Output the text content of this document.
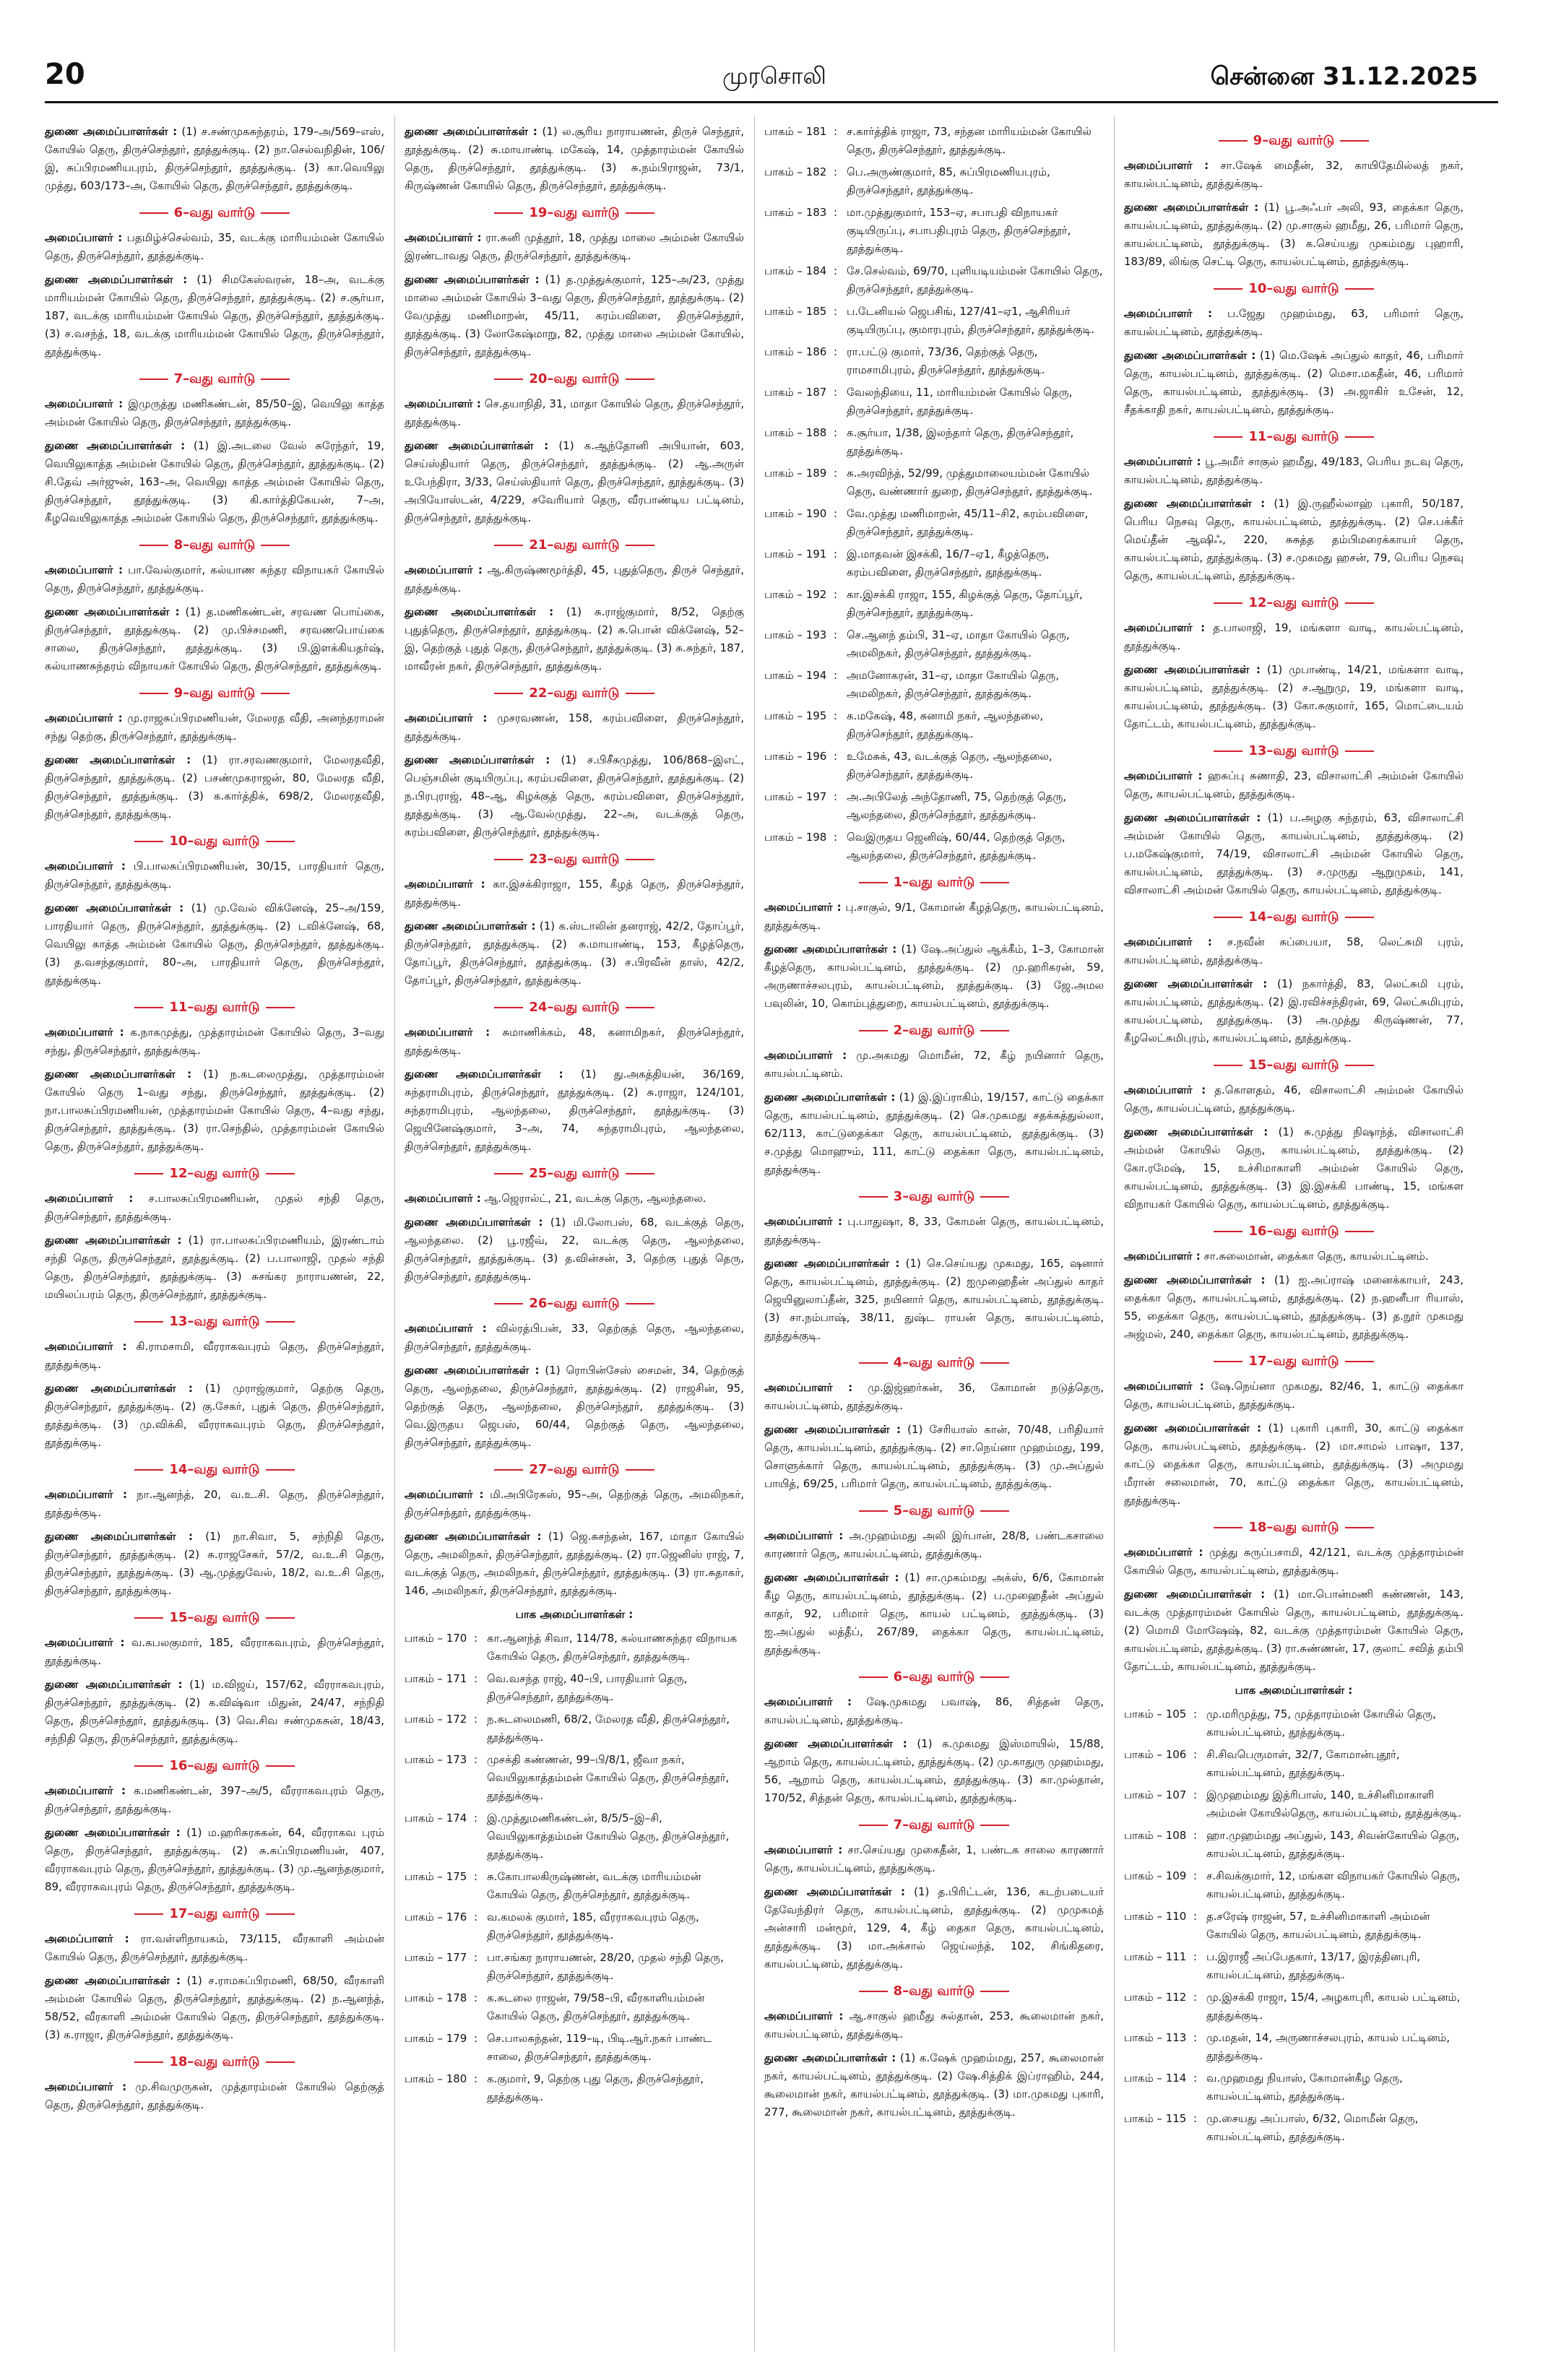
20	முரசொலி	சென்னை 31.12.2025

துணை அமைப்பாளர்கள் : (1) ச.சண்முகசுந்தரம், 179–அ/569–எஸ், கோயில் தெரு, திருச்செந்தூர், தூத்துக்குடி. (2) நா.செல்வநிதின், 106/இ, சுப்பிரமணியபுரம், திருச்செந்தூர், தூத்துக்குடி. (3) கா.வெயிலு முத்து, 603/173–அ, கோயில் தெரு, திருச்செந்தூர், தூத்துக்குடி.

6–வது வார்டு

அமைப்பாளர் : பதமிழ்ச்செல்வம், 35, வடக்கு மாரியம்மன் கோயில் தெரு, திருச்செந்தூர், தூத்துக்குடி.

துணை அமைப்பாளர்கள் : (1) சிமகேஸ்வரன், 18–அ, வடக்கு மாரியம்மன் கோயில் தெரு, திருச்செந்தூர், தூத்துக்குடி. (2) ச.சூர்யா, 187, வடக்கு மாரியம்மன் கோயில் தெரு, திருச்செந்தூர், தூத்துக்குடி. (3) ச.வசந்த், 18, வடக்கு மாரியம்மன் கோயில் தெரு, திருச்செந்தூர், தூத்துக்குடி.

7–வது வார்டு

அமைப்பாளர் : இமுருத்து மணிகண்டன், 85/50–இ, வெயிலு காத்த அம்மன் கோயில் தெரு, திருச்செந்தூர், தூத்துக்குடி.

துணை அமைப்பாளர்கள் : (1) இ.அடலை வேல் சுரேந்தர், 19, வெயிலுகாத்த அம்மன் கோயில் தெரு, திருச்செந்தூர், தூத்துக்குடி. (2) சி.தேவ் அர்ஜுன், 163–அ, வெயிலு காத்த அம்மன் கோயில் தெரு, திருச்செந்தூர், தூத்துக்குடி. (3) கி.கார்த்திகேயன், 7–அ, கீழவெயிலுகாத்த அம்மன் கோயில் தெரு, திருச்செந்தூர், தூத்துக்குடி.

8–வது வார்டு

அமைப்பாளர் : பா.வேல்குமார், கல்யாண சுந்தர விநாயகர் கோயில் தெரு, திருச்செந்தூர், தூத்துக்குடி.

துணை அமைப்பாளர்கள் : (1) த.மணிகண்டன், சரவண பொய்கை, திருச்செந்தூர், தூத்துக்குடி. (2) மு.பிச்சமணி, சரவணபொய்கை சாலை, திருச்செந்தூர், தூத்துக்குடி. (3) பி.இளக்கியதர்ஷ், கல்யாணசுந்தரம் விநாயகர் கோயில் தெரு, திருச்செந்தூர், தூத்துக்குடி.

9–வது வார்டு

அமைப்பாளர் : மு.ராஜசுப்பிரமணியன், மேலரத வீதி, அனந்தராமன் சந்து தெற்கு, திருச்செந்தூர், தூத்துக்குடி.

துணை அமைப்பாளர்கள் : (1) ரா.சரவணகுமார், மேலரதவீதி, திருச்செந்தூர், தூத்துக்குடி. (2) பசண்முகராஜன், 80, மேலரத வீதி, திருச்செந்தூர், தூத்துக்குடி. (3) க.கார்த்திக், 698/2, மேலரதவீதி, திருச்செந்தூர், தூத்துக்குடி.

10–வது வார்டு

அமைப்பாளர் : பி.பாலசுப்பிரமணியன், 30/15, பாரதியார் தெரு, திருச்செந்தூர், தூத்துக்குடி.

துணை அமைப்பாளர்கள் : (1) மு.வேல் விக்னேஷ், 25–அ/159, பாரதியார் தெரு, திருச்செந்தூர், தூத்துக்குடி. (2) டவிக்னேஷ், 68, வெயிலு காத்த அம்மன் கோயில் தெரு, திருச்செந்தூர், தூத்துக்குடி. (3) த.வசந்தகுமார், 80–அ, பாரதியார் தெரு, திருச்செந்தூர், தூத்துக்குடி.

11–வது வார்டு

அமைப்பாளர் : க.நாகமுத்து, முத்தாரம்மன் கோயில் தெரு, 3–வது சந்து, திருச்செந்தூர், தூத்துக்குடி.

துணை அமைப்பாளர்கள் : (1) ந.கடலைமுத்து, முத்தாரம்மன் கோயில் தெரு 1–வது சந்து, திருச்செந்தூர், தூத்துக்குடி. (2) நா.பாலசுப்பிரமணியன், முத்தாரம்மன் கோயில் தெரு, 4–வது சந்து, திருச்செந்தூர், தூத்துக்குடி. (3) ரா.செந்தில், முத்தாரம்மன் கோயில் தெரு, திருச்செந்தூர், தூத்துக்குடி.

12–வது வார்டு

அமைப்பாளர் : ச.பாலசுப்பிரமணியன், முதல் சந்தி தெரு, திருச்செந்தூர், தூத்துக்குடி.

துணை அமைப்பாளர்கள் : (1) ரா.பாலசுப்பிரமணியம், இரண்டாம் சந்தி தெரு, திருச்செந்தூர், தூத்துக்குடி. (2) ப.பாலாஜி, முதல் சந்தி தெரு, திருச்செந்தூர், தூத்துக்குடி. (3) சுசங்கர நாராயணன், 22, மயிலப்பரம் தெரு, திருச்செந்தூர், தூத்துக்குடி.

13–வது வார்டு

அமைப்பாளர் : கி.ராமசாமி, வீரராகவபுரம் தெரு, திருச்செந்தூர், தூத்துக்குடி.

துணை அமைப்பாளர்கள் : (1) முராஜ்குமார், தெற்கு தெரு, திருச்செந்தூர், தூத்துக்குடி. (2) கு.சேகர், புதுக் தெரு, திருச்செந்தூர், தூத்துக்குடி. (3) மு.விக்கி, வீரராகவபுரம் தெரு, திருச்செந்தூர், தூத்துக்குடி.

14–வது வார்டு

அமைப்பாளர் : நா.ஆனந்த், 20, வ.உ.சி. தெரு, திருச்செந்தூர், தூத்துக்குடி.

துணை அமைப்பாளர்கள் : (1) நா.சிவா, 5, சந்நிதி தெரு, திருச்செந்தூர், தூத்துக்குடி. (2) சு.ராஜசேகர், 57/2, வ.உ.சி தெரு, திருச்செந்தூர், தூத்துக்குடி. (3) ஆ.முத்துவேல், 18/2, வ.உ.சி தெரு, திருச்செந்தூர், தூத்துக்குடி.

15–வது வார்டு

அமைப்பாளர் : வ.கபலகுமார், 185, வீரராகவபுரம், திருச்செந்தூர், தூத்துக்குடி.

துணை அமைப்பாளர்கள் : (1) ம.விஜய், 157/62, வீரராகவபுரம், திருச்செந்தூர், தூத்துக்குடி. (2) க.விஷ்வா மிதுன், 24/47, சந்நிதி தெரு, திருச்செந்தூர், தூத்துக்குடி. (3) வெ.சிவ சண்முகசுன், 18/43, சந்நிதி தெரு, திருச்செந்தூர், தூத்துக்குடி.

16–வது வார்டு

அமைப்பாளர் : க.மணிகண்டன், 397–அ/5, வீரராகவபுரம் தெரு, திருச்செந்தூர், தூத்துக்குடி.

துணை அமைப்பாளர்கள் : (1) ம.ஹரிசுரசுகன், 64, வீரராகவ புரம் தெரு, திருச்செந்தூர், தூத்துக்குடி. (2) சு.சுப்பிரமணியன், 407, வீரராகவபுரம் தெரு, திருச்செந்தூர், தூத்துக்குடி. (3) மு.ஆனந்தகுமார், 89, வீரராகவபுரம் தெரு, திருச்செந்தூர், தூத்துக்குடி.

17–வது வார்டு

அமைப்பாளர் : ரா.வள்ளிநாயகம், 73/115, வீரகாளி அம்மன் கோயில் தெரு, திருச்செந்தூர், தூத்துக்குடி.

துணை அமைப்பாளர்கள் : (1) ச.ராமசுப்பிரமணி, 68/50, வீரகாளி அம்மன் கோயில் தெரு, திருச்செந்தூர், தூத்துக்குடி. (2) ந.ஆனந்த், 58/52, வீரகாளி அம்மன் கோயில் தெரு, திருச்செந்தூர், தூத்துக்குடி. (3) க.ராஜா, திருச்செந்தூர், தூத்துக்குடி.

18–வது வார்டு

அமைப்பாளர் : மு.சிவமுருகன், முத்தாரம்மன் கோயில் தெற்குத் தெரு, திருச்செந்தூர், தூத்துக்குடி.

துணை அமைப்பாளர்கள் : (1) ல.சூரிய நாராயணன், திருச் செந்தூர், தூத்துக்குடி. (2) சு.மாயாண்டி மகேஷ், 14, முத்தாரம்மன் கோயில் தெரு, திருச்செந்தூர், தூத்துக்குடி. (3) சு.நம்பிராஜன், 73/1, கிருஷ்ணன் கோயில் தெரு, திருச்செந்தூர், தூத்துக்குடி.

19–வது வார்டு

அமைப்பாளர் : ரா.சுனி முத்தூர், 18, முத்து மாலை அம்மன் கோயில் இரண்டாவது தெரு, திருச்செந்தூர், தூத்துக்குடி.

துணை அமைப்பாளர்கள் : (1) த.முத்துக்குமார், 125–அ/23, முத்து மாலை அம்மன் கோயில் 3–வது தெரு, திருச்செந்தூர், தூத்துக்குடி. (2) வேமுத்து மணிமாறன், 45/11, கரம்பவிளை, திருச்செந்தூர், தூத்துக்குடி. (3) லோகேஷ்மாறு, 82, முத்து மாலை அம்மன் கோயில், திருச்செந்தூர், தூத்துக்குடி.

20–வது வார்டு

அமைப்பாளர் : செ.தயாநிதி, 31, மாதா கோயில் தெரு, திருச்செந்தூர், தூத்துக்குடி.

துணை அமைப்பாளர்கள் : (1) க.ஆந்தோனி அபியான், 603, செய்ஸ்தியார் தெரு, திருச்செந்தூர், தூத்துக்குடி. (2) ஆ.அருள் உபேந்திரா, 3/33, செய்ஸ்தியார் தெரு, திருச்செந்தூர், தூத்துக்குடி. (3) அபியோஸ்டன், 4/229, சவேரியார் தெரு, வீரபாண்டிய பட்டினம், திருச்செந்தூர், தூத்துக்குடி.

21–வது வார்டு

அமைப்பாளர் : ஆ.கிருஷ்ணமூர்த்தி, 45, புதுத்தெரு, திருச் செந்தூர், தூத்துக்குடி.

துணை அமைப்பாளர்கள் : (1) சு.ராஜ்குமார், 8/52, தெற்கு புதுத்தெரு, திருச்செந்தூர், தூத்துக்குடி. (2) சு.பொன் விக்னேஷ், 52–இ, தெற்குத் புதுத் தெரு, திருச்செந்தூர், தூத்துக்குடி. (3) சு.சுந்தர், 187, மாவீரன் நகர், திருச்செந்தூர், தூத்துக்குடி.

22–வது வார்டு

அமைப்பாளர் : முசரவணன், 158, கரம்பவிளை, திருச்செந்தூர், தூத்துக்குடி.

துணை அமைப்பாளர்கள் : (1) ச.பிசீசுமுத்து, 106/868–இஎட், பெஞ்சமின் குடியிருப்பு, கரம்பவிளை, திருச்செந்தூர், தூத்துக்குடி. (2) ந.பிரபுராஜ், 48–ஆ, கிழக்குத் தெரு, கரம்பவிளை, திருச்செந்தூர், தூத்துக்குடி. (3) ஆ.வேல்முத்து, 22–அ, வடக்குத் தெரு, கரம்பவிளை, திருச்செந்தூர், தூத்துக்குடி.

23–வது வார்டு

அமைப்பாளர் : கா.இசக்கிராஜா, 155, கீழத் தெரு, திருச்செந்தூர், தூத்துக்குடி.

துணை அமைப்பாளர்கள் : (1) க.ஸ்டாலின் தனராஜ், 42/2, தோப்பூர், திருச்செந்தூர், தூத்துக்குடி. (2) சு.மாயாண்டி, 153, கீழத்தெரு, தோப்பூர், திருச்செந்தூர், தூத்துக்குடி. (3) ச.பிரவீன் தாஸ், 42/2, தோப்பூர், திருச்செந்தூர், தூத்துக்குடி.

24–வது வார்டு

அமைப்பாளர் : சுமாணிக்கம், 48, கனாமிநகர், திருச்செந்தூர், தூத்துக்குடி.

துணை அமைப்பாளர்கள் : (1) து.அகத்தியன், 36/169, சுந்தராமிபுரம், திருச்செந்தூர், தூத்துக்குடி. (2) சு.ராஜா, 124/101, சுந்தராமிபுரம், ஆலந்தலை, திருச்செந்தூர், தூத்துக்குடி. (3) ஜெயினேஷ்குமார், 3–அ, 74, சுந்தராமிபுரம், ஆலந்தலை, திருச்செந்தூர், தூத்துக்குடி.

25–வது வார்டு

அமைப்பாளர் : ஆ.ஜெரால்ட், 21, வடக்கு தெரு, ஆலந்தலை.

துணை அமைப்பாளர்கள் : (1) மி.லோபஸ், 68, வடக்குத் தெரு, ஆலந்தலை. (2) பூ.ரஜீவ், 22, வடக்கு தெரு, ஆலந்தலை, திருச்செந்தூர், தூத்துக்குடி. (3) த.வின்சன், 3, தெற்கு புதுத் தெரு, திருச்செந்தூர், தூத்துக்குடி.

26–வது வார்டு

அமைப்பாளர் : வில்ரத்பிபன், 33, தெற்குத் தெரு, ஆலந்தலை, திருச்செந்தூர், தூத்துக்குடி.

துணை அமைப்பாளர்கள் : (1) ரொபின்சேஸ் சைமன், 34, தெற்குத் தெரு, ஆலந்தலை, திருச்செந்தூர், தூத்துக்குடி. (2) ராஜசின், 95, தெற்குத் தெரு, ஆலந்தலை, திருச்செந்தூர், தூத்துக்குடி. (3) வெ.இருதய ஜெபஸ், 60/44, தெற்குத் தெரு, ஆலந்தலை, திருச்செந்தூர், தூத்துக்குடி.

27–வது வார்டு

அமைப்பாளர் : மி.அபிரேசுஸ், 95–அ, தெற்குத் தெரு, அமலிநகர், திருச்செந்தூர், தூத்துக்குடி.

துணை அமைப்பாளர்கள் : (1) ஜெ.சுசந்தன், 167, மாதா கோயில் தெரு, அமலிநகர், திருச்செந்தூர், தூத்துக்குடி. (2) ரா.ஜெனிஸ் ராஜ், 7, வடக்குத் தெரு, அமலிநகர், திருச்செந்தூர், தூத்துக்குடி. (3) ரா.சுதாகர், 146, அமலிநகர், திருச்செந்தூர், தூத்துக்குடி.

பாக அமைப்பாளர்கள் :
பாகம் – 170 : கா.ஆனந்த் சிவா, 114/78, கல்யாணசுந்தர விநாயக கோயில் தெரு, திருச்செந்தூர், தூத்துக்குடி.
பாகம் – 171 : வெ.வசந்த ராஜ், 40–பி, பாரதியார் தெரு, திருச்செந்தூர், தூத்துக்குடி.
பாகம் – 172 : ந.சுடலைமணி, 68/2, மேலரத வீதி, திருச்செந்தூர், தூத்துக்குடி.
பாகம் – 173 : முசக்தி கண்ணன், 99–பி/8/1, ஜீவா நகர், வெயிலுகாத்தம்மன் கோயில் தெரு, திருச்செந்தூர், தூத்துக்குடி.
பாகம் – 174 : இ.முத்துமணிகண்டன், 8/5/5–இ–சி, வெயிலுகாத்தம்மன் கோயில் தெரு, திருச்செந்தூர், தூத்துக்குடி.
பாகம் – 175 : சு.கோபாலகிருஷ்ணன், வடக்கு மாரியம்மன் கோயில் தெரு, திருச்செந்தூர், தூத்துக்குடி.
பாகம் – 176 : வ.கமலக் குமார், 185, வீரராகவபுரம் தெரு, திருச்செந்தூர், தூத்துக்குடி.
பாகம் – 177 : பா.சங்கர நாராயணன், 28/20, முதல் சந்தி தெரு, திருச்செந்தூர், தூத்துக்குடி.
பாகம் – 178 : க.சுடலை ராஜன், 79/58–பி, வீரகாளியம்மன் கோயில் தெரு, திருச்செந்தூர், தூத்துக்குடி.
பாகம் – 179 : செ.பாலசுந்தன், 119–டி, பிடி.ஆர்.நகர் பாண்ட சாலை, திருச்செந்தூர், தூத்துக்குடி.
பாகம் – 180 : க.குமார், 9, தெற்கு புது தெரு, திருச்செந்தூர், தூத்துக்குடி.
பாகம் – 181 : ச.கார்த்திக் ராஜா, 73, சந்தன மாரியம்மன் கோயில் தெரு, திருச்செந்தூர், தூத்துக்குடி.
பாகம் – 182 : பெ.அருண்குமார், 85, சுப்பிரமணியபுரம், திருச்செந்தூர், தூத்துக்குடி.
பாகம் – 183 : மா.முத்துகுமார், 153–ஏ, சபாபதி விநாயகர் குடியிருப்பு, சபாபதிபுரம் தெரு, திருச்செந்தூர், தூத்துக்குடி.
பாகம் – 184 : சே.செல்வம், 69/70, புளியடியம்மன் கோயில் தெரு, திருச்செந்தூர், தூத்துக்குடி.
பாகம் – 185 : ப.டேனியல் ஜெபசிங், 127/41–ஏ1, ஆசிரியர் குடியிருப்பு, குமாரபுரம், திருச்செந்தூர், தூத்துக்குடி.
பாகம் – 186 : ரா.பட்டு குமார், 73/36, தெற்குத் தெரு, ராமசாமிபுரம், திருச்செந்தூர், தூத்துக்குடி.
பாகம் – 187 : வேலந்தியை, 11, மாரியம்மன் கோயில் தெரு, திருச்செந்தூர், தூத்துக்குடி.
பாகம் – 188 : க.சூர்யா, 1/38, இலந்தார் தெரு, திருச்செந்தூர், தூத்துக்குடி.
பாகம் – 189 : சு.அரவிந்த், 52/99, முத்துமாலையம்மன் கோயில் தெரு, வண்ணார் துறை, திருச்செந்தூர், தூத்துக்குடி.
பாகம் – 190 : வே.முத்து மணிமாறன், 45/11–சி2, கரம்பவிளை, திருச்செந்தூர், தூத்துக்குடி.
பாகம் – 191 : இ.மாதவன் இசக்கி, 16/7–ஏ1, கீழத்தெரு, கரம்பவிளை, திருச்செந்தூர், தூத்துக்குடி.
பாகம் – 192 : கா.இசக்கி ராஜா, 155, கிழக்குத் தெரு, தோப்பூர், திருச்செந்தூர், தூத்துக்குடி.
பாகம் – 193 : செ.ஆனந் தம்பி, 31–ஏ, மாதா கோயில் தெரு, அமலிநகர், திருச்செந்தூர், தூத்துக்குடி.
பாகம் – 194 : அமனோகரன், 31–ஏ, மாதா கோயில் தெரு, அமலிநகர், திருச்செந்தூர், தூத்துக்குடி.
பாகம் – 195 : க.மகேஷ், 48, சுனாமி நகர், ஆலந்தலை, திருச்செந்தூர், தூத்துக்குடி.
பாகம் – 196 : உமேசுக், 43, வடக்குத் தெரு, ஆலந்தலை, திருச்செந்தூர், தூத்துக்குடி.
பாகம் – 197 : அ.அபிலேத் அந்தோணி, 75, தெற்குத் தெரு, ஆலந்தலை, திருச்செந்தூர், தூத்துக்குடி.
பாகம் – 198 : வெஇருதய ஜெனிஷ், 60/44, தெற்குத் தெரு, ஆலந்தலை, திருச்செந்தூர், தூத்துக்குடி.
1–வது வார்டு

அமைப்பாளர் : பு.சாகுல், 9/1, கோமான் கீழத்தெரு, காயல்பட்டினம், தூத்துக்குடி.

துணை அமைப்பாளர்கள் : (1) ஷே.அப்துல் ஆக்கீம், 1–3, கோமான் கீழத்தெரு, காயல்பட்டினம், தூத்துக்குடி. (2) மு.ஹரிகரன், 59, அருணாச்சலபுரம், காயல்பட்டினம், தூத்துக்குடி. (3) ஜே.அமல பவுலின், 10, கொம்புத்துறை, காயல்பட்டினம், தூத்துக்குடி.

2–வது வார்டு

அமைப்பாளர் : மு.அகமது மொமீன், 72, கீழ் நயினார் தெரு, காயல்பட்டினம்.

துணை அமைப்பாளர்கள் : (1) இ.இப்ராகிம், 19/157, காட்டு தைக்கா தெரு, காயல்பட்டினம், தூத்துக்குடி. (2) செ.முகமது சதக்கத்துல்லா, 62/113, காட்டுதைக்கா தெரு, காயல்பட்டினம், தூத்துக்குடி. (3) ச.முத்து மொஹும், 111, காட்டு தைக்கா தெரு, காயல்பட்டினம், தூத்துக்குடி.

3–வது வார்டு

அமைப்பாளர் : பு.பாதுஷா, 8, 33, கோமன் தெரு, காயல்பட்டினம், தூத்துக்குடி.

துணை அமைப்பாளர்கள் : (1) செ.செய்யது முகமது, 165, ஷனார் தெரு, காயல்பட்டினம், தூத்துக்குடி. (2) ஐமுஹைதீன் அப்துல் காதர் ஜெயினுலாப்தீன், 325, நயினார் தெரு, காயல்பட்டினம், தூத்துக்குடி. (3) சா.நம்பாஷ், 38/11, துஷ்ட ராயன் தெரு, காயல்பட்டினம், தூத்துக்குடி.

4–வது வார்டு

அமைப்பாளர் : மு.இஜ்ஹர்கன், 36, கோமான் நடுத்தெரு, காயல்பட்டினம், தூத்துக்குடி.

துணை அமைப்பாளர்கள் : (1) சேரியாஸ் கான், 70/48, பரிதியார் தெரு, காயல்பட்டினம், தூத்துக்குடி. (2) சா.நெய்னா முஹம்மது, 199, சொளுக்கார் தெரு, காயல்பட்டினம், தூத்துக்குடி. (3) மு.அப்துல் பாயித், 69/25, பரிமார் தெரு, காயல்பட்டினம், தூத்துக்குடி.

5–வது வார்டு

அமைப்பாளர் : அ.முஹம்மது அலி இர்பான், 28/8, பண்டகசாலை காரணார் தெரு, காயல்பட்டினம், தூத்துக்குடி.

துணை அமைப்பாளர்கள் : (1) சா.முகம்மது அக்ஸ், 6/6, கோமான் கீழ தெரு, காயல்பட்டினம், தூத்துக்குடி. (2) ப.முஹைதீன் அப்துல் காதர், 92, பரிமார் தெரு, காயல் பட்டினம், தூத்துக்குடி. (3) ஐ.அப்துல் லத்தீப், 267/89, தைக்கா தெரு, காயல்பட்டினம், தூத்துக்குடி.

6–வது வார்டு

அமைப்பாளர் : ஷே.முகமது பவாஷ், 86, சித்தன் தெரு, காயல்பட்டினம், தூத்துக்குடி.

துணை அமைப்பாளர்கள் : (1) க.முகமது இஸ்மாயில், 15/88, ஆறாம் தெரு, காயல்பட்டினம், தூத்துக்குடி. (2) மு.காதுரு முஹம்மது, 56, ஆறாம் தெரு, காயல்பட்டினம், தூத்துக்குடி. (3) கா.முல்தான், 170/52, சித்தன் தெரு, காயல்பட்டினம், தூத்துக்குடி.

7–வது வார்டு

அமைப்பாளர் : சா.செய்யது முகைதீன், 1, பண்டக சாலை காரணார் தெரு, காயல்பட்டினம், தூத்துக்குடி.

துணை அமைப்பாளர்கள் : (1) த.பிரிட்டன், 136, கடற்படையர் தேவேந்திரர் தெரு, காயல்பட்டினம், தூத்துக்குடி. (2) முமுகமத் அன்சாரி மன்மூர், 129, 4, கீழ் தைகா தெரு, காயல்பட்டினம், தூத்துக்குடி. (3) மா.அக்சால் ஜெய்லந்த், 102, சிங்கிதரை, காயல்பட்டினம், தூத்துக்குடி.

8–வது வார்டு

அமைப்பாளர் : ஆ.சாகுல் ஹமீது சுல்தான், 253, கூலைமான் நகர், காயல்பட்டினம், தூத்துக்குடி.

துணை அமைப்பாளர்கள் : (1) க.ஷேக் முஹம்மது, 257, கூலைமான் நகர், காயல்பட்டினம், தூத்துக்குடி. (2) ஷே.சித்திக் இப்ராஹிம், 244, கூலைமான் நகர், காயல்பட்டினம், தூத்துக்குடி. (3) மா.முகமது புகாரி, 277, கூலைமான் நகர், காயல்பட்டினம், தூத்துக்குடி.

9–வது வார்டு

அமைப்பாளர் : சா.ஷேக் மைதீன், 32, காயிதேமில்லத் நகர், காயல்பட்டினம், தூத்துக்குடி.

துணை அமைப்பாளர்கள் : (1) பூ.அஃபர் அலி, 93, தைக்கா தெரு, காயல்பட்டினம், தூத்துக்குடி. (2) மு.சாகுல் ஹமீது, 26, பரிமார் தெரு, காயல்பட்டினம், தூத்துக்குடி. (3) க.செய்யது முகம்மது புஹாரி, 183/89, லிங்கு செட்டி தெரு, காயல்பட்டினம், தூத்துக்குடி.

10–வது வார்டு

அமைப்பாளர் : ப.ஜேது முஹம்மது, 63, பரிமார் தெரு, காயல்பட்டினம், தூத்துக்குடி.

துணை அமைப்பாளர்கள் : (1) மெ.ஷேக் அப்துல் காதர், 46, பரிமார் தெரு, காயல்பட்டினம், தூத்துக்குடி. (2) மெசா.மகதீன், 46, பரிமார் தெரு, காயல்பட்டினம், தூத்துக்குடி. (3) அ.ஜாகிர் உசேன், 12, சீதக்காதி நகர், காயல்பட்டினம், தூத்துக்குடி.

11–வது வார்டு

அமைப்பாளர் : பூ.அமீர் சாகுல் ஹமீது, 49/183, பெரிய நடவு தெரு, காயல்பட்டினம், தூத்துக்குடி.

துணை அமைப்பாளர்கள் : (1) இ.ருஹீல்லாஹ் புகாரி, 50/187, பெரிய நெசவு தெரு, காயல்பட்டினம், தூத்துக்குடி. (2) செ.பக்கீர் மெய்தீன் ஆஷிஃ, 220, சுசுத்த தம்பிமரைக்காயர் தெரு, காயல்பட்டினம், தூத்துக்குடி. (3) ச.முகமது ஹசன், 79, பெரிய நெசவு தெரு, காயல்பட்டினம், தூத்துக்குடி.

12–வது வார்டு

அமைப்பாளர் : த.பாலாஜி, 19, மங்களா வாடி, காயல்பட்டினம், தூத்துக்குடி.

துணை அமைப்பாளர்கள் : (1) முபாண்டி, 14/21, மங்களா வாடி, காயல்பட்டினம், தூத்துக்குடி. (2) ச.ஆறுமு, 19, மங்களா வாடி, காயல்பட்டினம், தூத்துக்குடி. (3) கோ.சுகுமார், 165, மொட்டையம் தோட்டம், காயல்பட்டினம், தூத்துக்குடி.

13–வது வார்டு

அமைப்பாளர் : ஹசுப்பு சுணாதி, 23, விசாலாட்சி அம்மன் கோயில் தெரு, காயல்பட்டினம், தூத்துக்குடி.

துணை அமைப்பாளர்கள் : (1) ப.அழகு சுந்தரம், 63, விசாலாட்சி அம்மன் கோயில் தெரு, காயல்பட்டினம், தூத்துக்குடி. (2) ப.மகேஷ்குமார், 74/19, விசாலாட்சி அம்மன் கோயில் தெரு, காயல்பட்டினம், தூத்துக்குடி. (3) ச.முருது ஆறுமுகம், 141, விசாலாட்சி அம்மன் கோயில் தெரு, காயல்பட்டினம், தூத்துக்குடி.

14–வது வார்டு

அமைப்பாளர் : ச.நவீன் சுப்பையா, 58, லெட்சுமி புரம், காயல்பட்டினம், தூத்துக்குடி.

துணை அமைப்பாளர்கள் : (1) நகார்த்தி, 83, லெட்சுமி புரம், காயல்பட்டினம், தூத்துக்குடி. (2) இ.ரவிச்சந்திரன், 69, லெட்சுமிபுரம், காயல்பட்டினம், தூத்துக்குடி. (3) அ.முத்து கிருஷ்ணன், 77, கீழலெட்சுமிபுரம், காயல்பட்டினம், தூத்துக்குடி.

15–வது வார்டு

அமைப்பாளர் : த.கொளதம், 46, விசாலாட்சி அம்மன் கோயில் தெரு, காயல்பட்டினம், தூத்துக்குடி.

துணை அமைப்பாளர்கள் : (1) சு.முத்து நிஷாந்த், விசாலாட்சி அம்மன் கோயில் தெரு, காயல்பட்டினம், தூத்துக்குடி. (2) கோ.ரமேஷ், 15, உச்சிமாகாளி அம்மன் கோயில் தெரு, காயல்பட்டினம், தூத்துக்குடி. (3) இ.இசக்கி பாண்டி, 15, மங்கள விநாயகர் கோயில் தெரு, காயல்பட்டினம், தூத்துக்குடி.

16–வது வார்டு

அமைப்பாளர் : சா.சுலைமான், தைக்கா தெரு, காயல்பட்டினம்.

துணை அமைப்பாளர்கள் : (1) ஐ.அப்ராஷ் மனைக்காயர், 243, தைக்கா தெரு, காயல்பட்டினம், தூத்துக்குடி. (2) ந.ஹனீபா ரியாஸ், 55, தைக்கா தெரு, காயல்பட்டினம், தூத்துக்குடி. (3) த.நூர் முகமது அஜ்மல், 240, தைக்கா தெரு, காயல்பட்டினம், தூத்துக்குடி.

17–வது வார்டு

அமைப்பாளர் : ஷே.நெய்னா முகமது, 82/46, 1, காட்டு தைக்கா தெரு, காயல்பட்டினம், தூத்துக்குடி.

துணை அமைப்பாளர்கள் : (1) புகாரி புகாரி, 30, காட்டு தைக்கா தெரு, காயல்பட்டினம், தூத்துக்குடி. (2) மா.சாமல் பாஷா, 137, காட்டு தைக்கா தெரு, காயல்பட்டினம், தூத்துக்குடி. (3) அமுமது மீரான் சலைமான், 70, காட்டு தைக்கா தெரு, காயல்பட்டினம், தூத்துக்குடி.

18–வது வார்டு

அமைப்பாளர் : முத்து சுருப்பசாமி, 42/121, வடக்கு முத்தாரம்மன் கோயில் தெரு, காயல்பட்டினம், தூத்துக்குடி.

துணை அமைப்பாளர்கள் : (1) மா.பொன்மணி சுண்ணன், 143, வடக்கு முத்தாரம்மன் கோயில் தெரு, காயல்பட்டினம், தூத்துக்குடி. (2) மொமி மோஷேஷ், 82, வடக்கு முத்தாரம்மன் கோயில் தெரு, காயல்பட்டினம், தூத்துக்குடி. (3) ரா.சுண்ணன், 17, குலாட் சவித் தம்பி தோட்டம், காயல்பட்டினம், தூத்துக்குடி.

பாக அமைப்பாளர்கள் :
பாகம் – 105 : மு.மரிமுத்து, 75, முத்தாரம்மன் கோயில் தெரு, காயல்பட்டினம், தூத்துக்குடி.
பாகம் – 106 : சி.சிவபெருமாள், 32/7, கோமான்புதூர், காயல்பட்டினம், தூத்துக்குடி.
பாகம் – 107 : இமுஹம்மது இத்ரிபாஸ், 140, உச்சினிமாகாளி அம்மன் கோயில்தெரு, காயல்பட்டினம், தூத்துக்குடி.
பாகம் – 108 : ஹா.முஹம்மது அப்துல், 143, சிவன்கோயில் தெரு, காயல்பட்டினம், தூத்துக்குடி.
பாகம் – 109 : ச.சிவக்குமார், 12, மங்கள விநாயகர் கோயில் தெரு, காயல்பட்டினம், தூத்துக்குடி.
பாகம் – 110 : த.சரேஷ் ராஜன், 57, உச்சினிமாகாளி அம்மன் கோயில் தெரு, காயல்பட்டினம், தூத்துக்குடி.
பாகம் – 111 : ப.இராஜீ அப்பேதகார், 13/17, இரத்தினபுரி, காயல்பட்டினம், தூத்துக்குடி.
பாகம் – 112 : மு.இசக்கி ராஜா, 15/4, அழகாபுரி, காயல் பட்டினம், தூத்துக்குடி.
பாகம் – 113 : மு.மதன், 14, அருணாச்சலபுரம், காயல் பட்டினம், தூத்துக்குடி.
பாகம் – 114 : வ.முஹமது நியாஸ், கோமான்கீழ தெரு, காயல்பட்டினம், தூத்துக்குடி.
பாகம் – 115 : மு.சையது அப்பாஸ், 6/32, மொமீன் தெரு, காயல்பட்டினம், தூத்துக்குடி.
